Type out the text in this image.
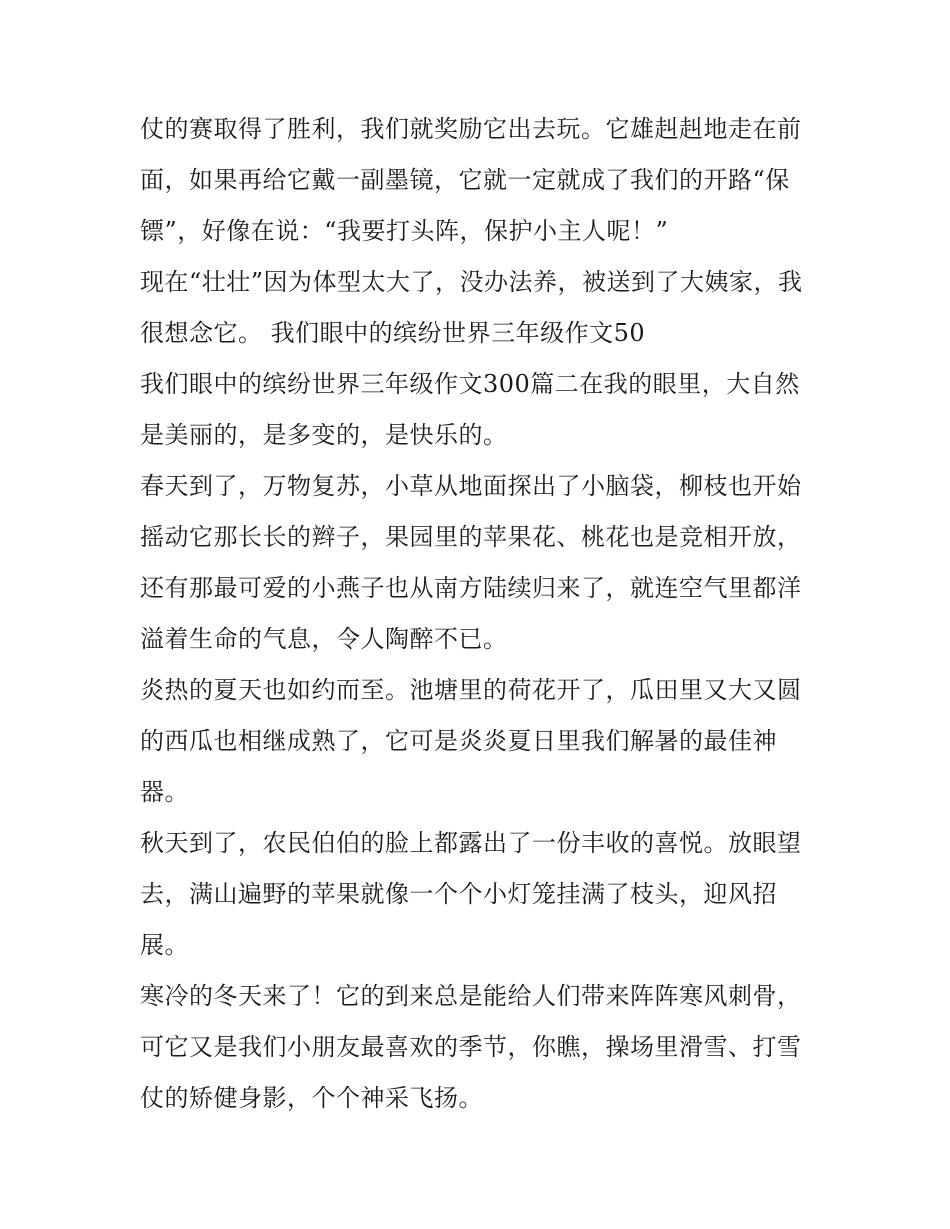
仗的赛取得了胜利，我们就奖励它出去玩。它雄赳赳地走在前
面，如果再给它戴一副墨镜，它就一定就成了我们的开路“保
镖”，好像在说：“我要打头阵，保护小主人呢！”
现在“壮壮”因为体型太大了，没办法养，被送到了大姨家，我
很想念它。 我们眼中的缤纷世界三年级作文50
我们眼中的缤纷世界三年级作文300篇二在我的眼里，大自然
是美丽的，是多变的，是快乐的。
春天到了，万物复苏，小草从地面探出了小脑袋，柳枝也开始
摇动它那长长的辫子，果园里的苹果花、桃花也是竞相开放，
还有那最可爱的小燕子也从南方陆续归来了，就连空气里都洋
溢着生命的气息，令人陶醉不已。
炎热的夏天也如约而至。池塘里的荷花开了，瓜田里又大又圆
的西瓜也相继成熟了，它可是炎炎夏日里我们解暑的最佳神
器。
秋天到了，农民伯伯的脸上都露出了一份丰收的喜悦。放眼望
去，满山遍野的苹果就像一个个小灯笼挂满了枝头，迎风招
展。
寒冷的冬天来了！它的到来总是能给人们带来阵阵寒风刺骨，
可它又是我们小朋友最喜欢的季节，你瞧，操场里滑雪、打雪
仗的矫健身影，个个神采飞扬。
